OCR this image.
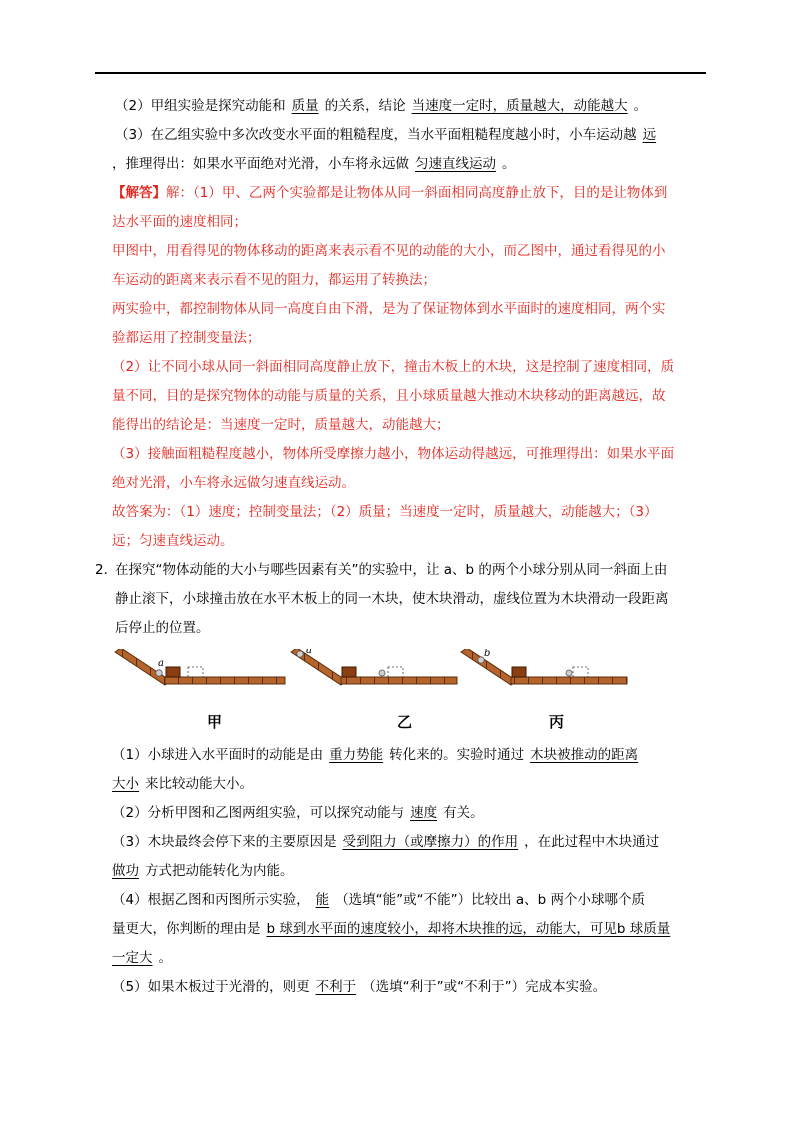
（2）甲组实验是探究动能和 质量 的关系，结论 当速度一定时，质量越大，动能越大 。
（3）在乙组实验中多次改变水平面的粗糙程度，当水平面粗糙程度越小时，小车运动越 远
，推理得出：如果水平面绝对光滑，小车将永远做 匀速直线运动 。
【解答】解：（1）甲、乙两个实验都是让物体从同一斜面相同高度静止放下，目的是让物体到
达水平面的速度相同；
甲图中，用看得见的物体移动的距离来表示看不见的动能的大小，而乙图中，通过看得见的小
车运动的距离来表示看不见的阻力，都运用了转换法；
两实验中，都控制物体从同一高度自由下滑，是为了保证物体到水平面时的速度相同，两个实
验都运用了控制变量法；
（2）让不同小球从同一斜面相同高度静止放下，撞击木板上的木块，这是控制了速度相同，质
量不同，目的是探究物体的动能与质量的关系，且小球质量越大推动木块移动的距离越远，故
能得出的结论是：当速度一定时，质量越大，动能越大；
（3）接触面粗糙程度越小，物体所受摩擦力越小，物体运动得越远，可推理得出：如果水平面
绝对光滑，小车将永远做匀速直线运动。
故答案为：（1）速度；控制变量法；（2）质量；当速度一定时，质量越大，动能越大；（3）
远；匀速直线运动。
2．
在探究“物体动能的大小与哪些因素有关”的实验中，让 a、b 的两个小球分别从同一斜面上由
静止滚下，小球撞击放在水平木板上的同一木块，使木块滑动，虚线位置为木块滑动一段距离
后停止的位置。
a
a	b
甲	乙	丙
（1）小球进入水平面时的动能是由 重力势能 转化来的。实验时通过 木块被推动的距离
大小 来比较动能大小。
（2）分析甲图和乙图两组实验，可以探究动能与 速度 有关。
（3）木块最终会停下来的主要原因是 受到阻力（或摩擦力）的作用 ，在此过程中木块通过
做功 方式把动能转化为内能。
（4）根据乙图和丙图所示实验， 能 （选填“能”或“不能”）比较出 a、b 两个小球哪个质
量更大，你判断的理由是 b 球到水平面的速度较小，却将木块推的远，动能大，可见b 球质量
一定大 。
（5）如果木板过于光滑的，则更 不利于 （选填“利于”或“不利于”）完成本实验。
